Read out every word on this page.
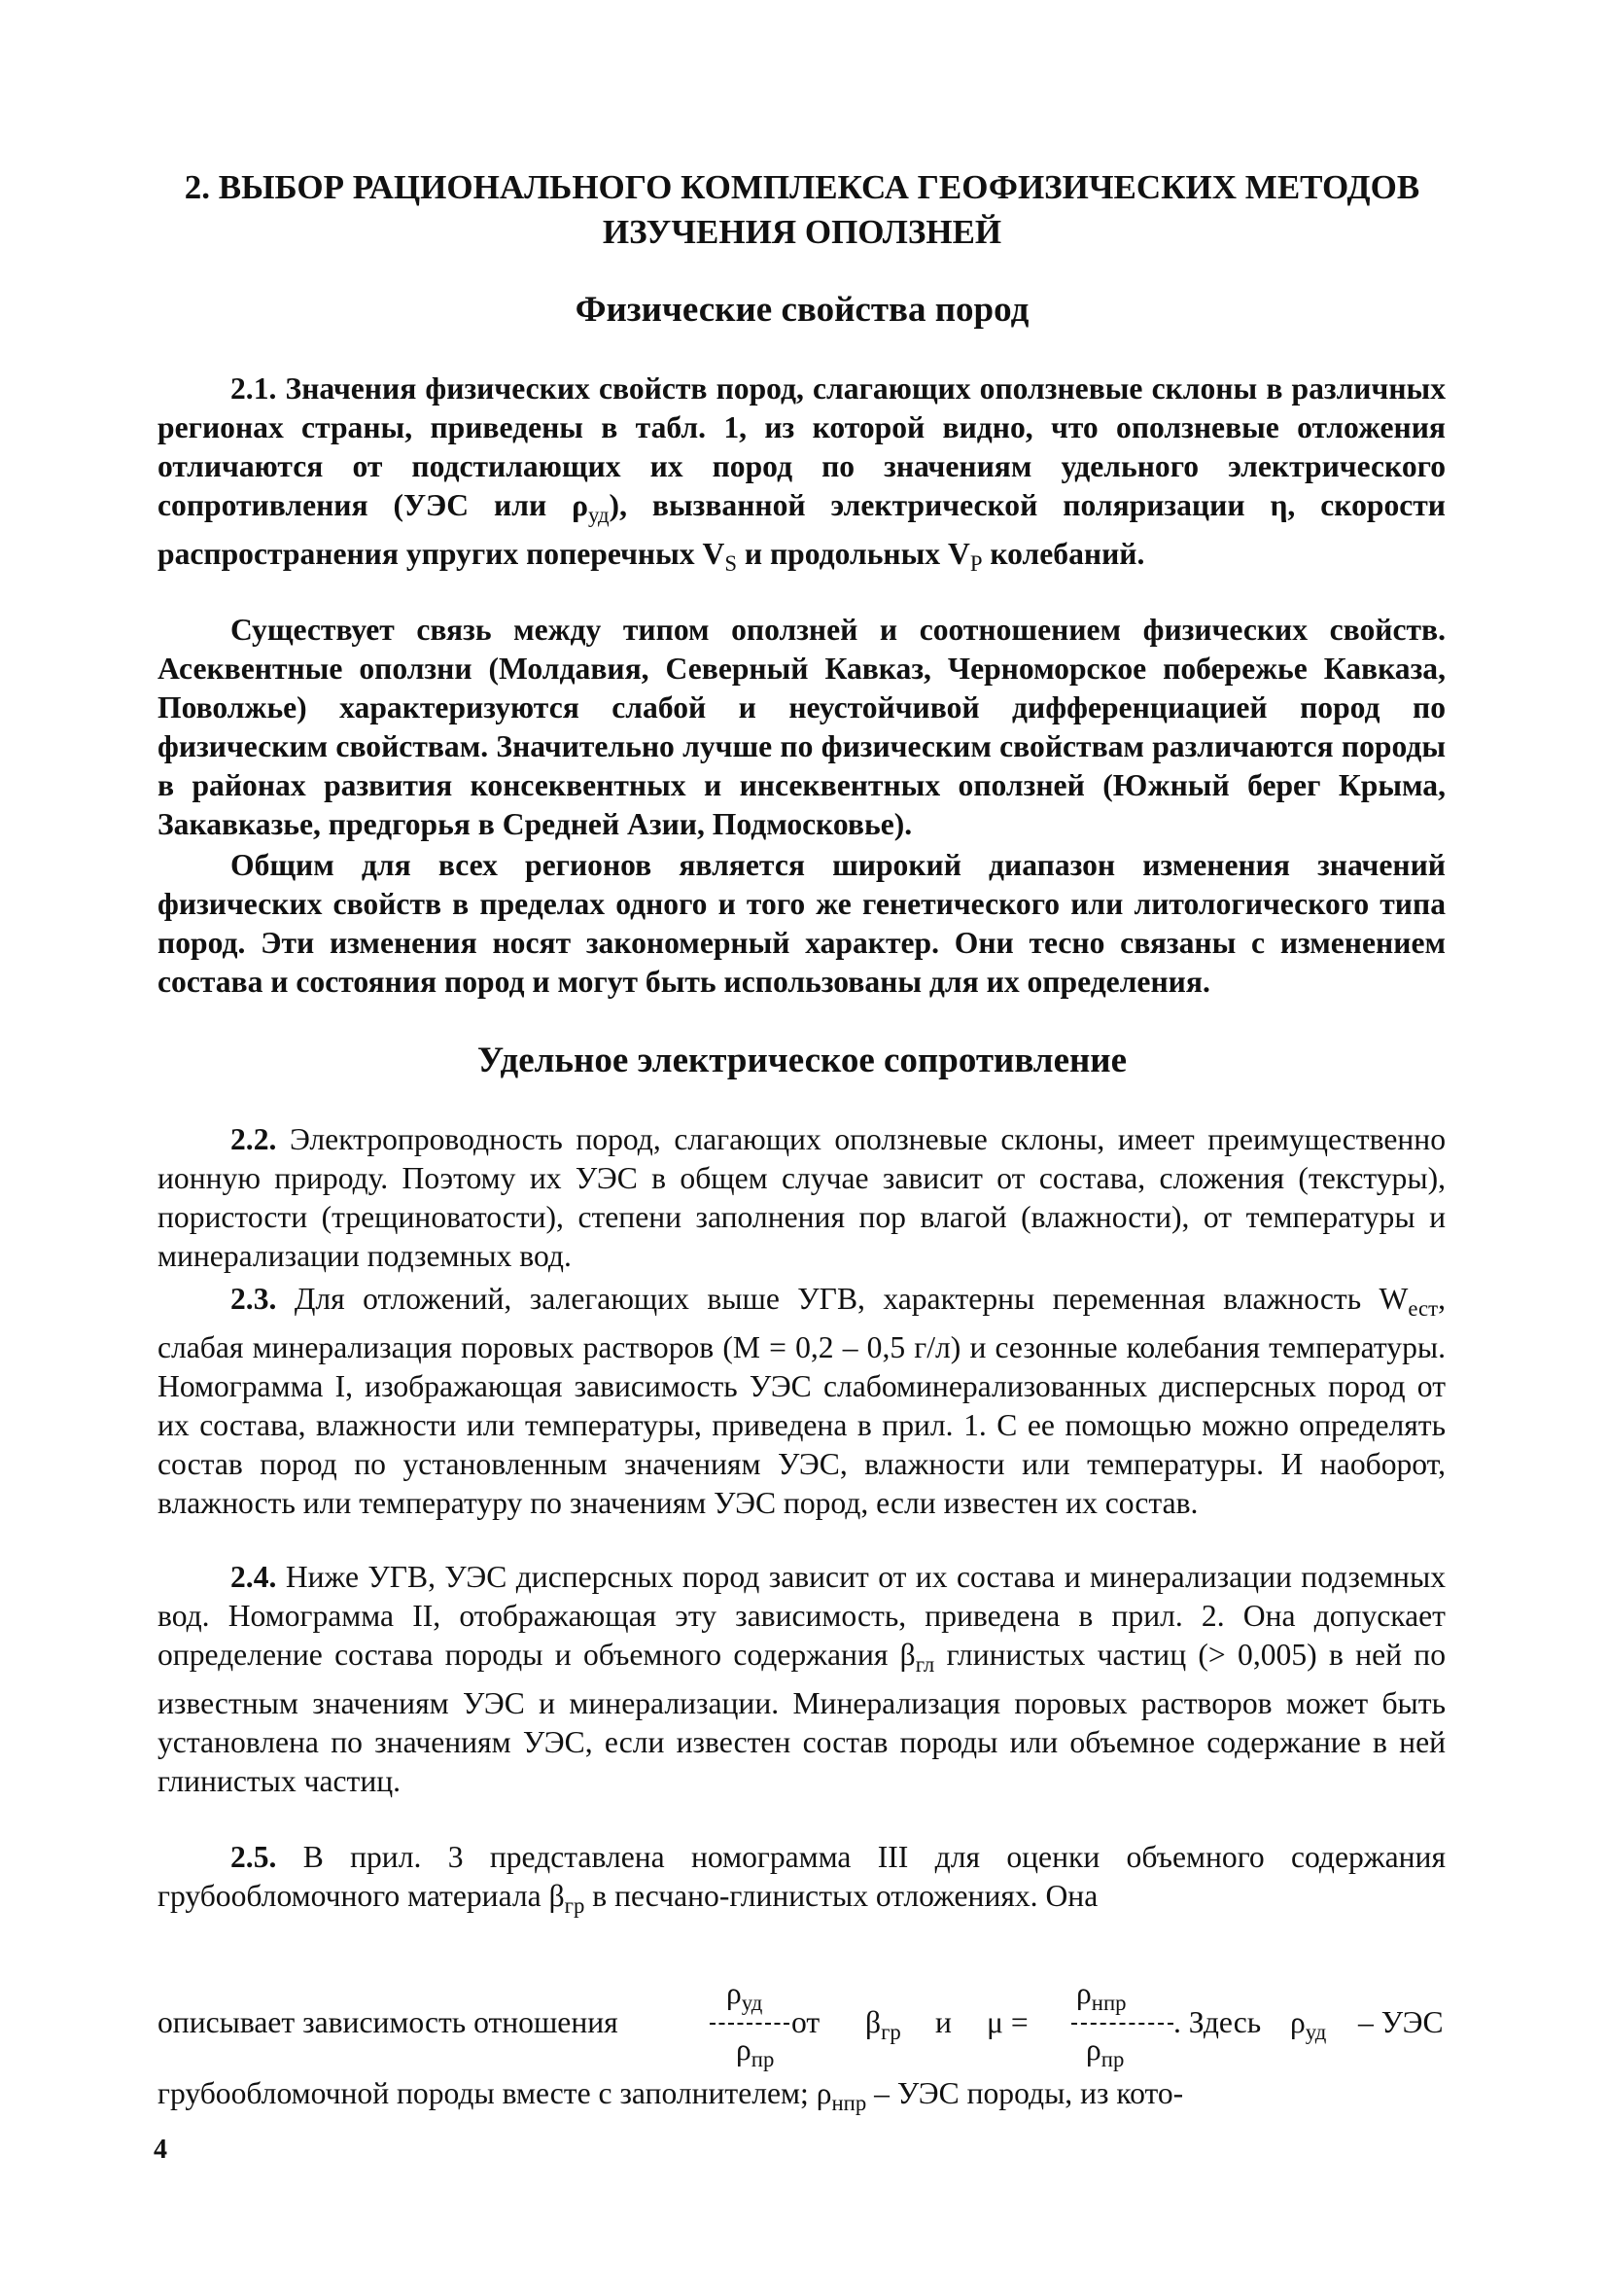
2. ВЫБОР РАЦИОНАЛЬНОГО КОМПЛЕКСА ГЕОФИЗИЧЕСКИХ МЕТОДОВ
ИЗУЧЕНИЯ ОПОЛЗНЕЙ
Физические свойства пород
2.1. Значения физических свойств пород, слагающих оползневые склоны в различных регионах страны, приведены в табл. 1, из которой видно, что оползневые отложения отличаются от подстилающих их пород по значениям удельного электрического сопротивления (УЭС или $\rho_{уд}$), вызванной электрической поляризации η, скорости распространения упругих поперечных $V_S$ и продольных $V_P$ колебаний.
Существует связь между типом оползней и соотношением физических свойств. Асеквентные оползни (Молдавия, Северный Кавказ, Черноморское побережье Кавказа, Поволжье) характеризуются слабой и неустойчивой дифференциацией пород по физическим свойствам. Значительно лучше по физическим свойствам различаются породы в районах развития консеквентных и инсеквентных оползней (Южный берег Крыма, Закавказье, предгорья в Средней Азии, Подмосковье).
Общим для всех регионов является широкий диапазон изменения значений физических свойств в пределах одного и того же генетического или литологического типа пород. Эти изменения носят закономерный характер. Они тесно связаны с изменением состава и состояния пород и могут быть использованы для их определения.
Удельное электрическое сопротивление
2.2. Электропроводность пород, слагающих оползневые склоны, имеет преимущественно ионную природу. Поэтому их УЭС в общем случае зависит от состава, сложения (текстуры), пористости (трещиноватости), степени заполнения пор влагой (влажности), от температуры и минерализации подземных вод.
2.3. Для отложений, залегающих выше УГВ, характерны переменная влажность $W_{ест}$, слабая минерализация поровых растворов (М = 0,2 – 0,5 г/л) и сезонные колебания температуры. Номограмма I, изображающая зависимость УЭС слабоминерализованных дисперсных пород от их состава, влажности или температуры, приведена в прил. 1. С ее помощью можно определять состав пород по установленным значениям УЭС, влажности или температуры. И наоборот, влажность или температуру по значениям УЭС пород, если известен их состав.
2.4. Ниже УГВ, УЭС дисперсных пород зависит от их состава и минерализации подземных вод. Номограмма II, отображающая эту зависимость, приведена в прил. 2. Она допускает определение состава породы и объемного содержания $\beta_{гл}$ глинистых частиц (> 0,005) в ней по известным значениям УЭС и минерализации. Минерализация поровых растворов может быть установлена по значениям УЭС, если известен состав породы или объемное содержание в ней глинистых частиц.
2.5. В прил. 3 представлена номограмма III для оценки объемного содержания грубообломочного материала $\beta_{гр}$ в песчано-глинистых отложениях. Она
описывает зависимость отношения
$\rho_{уд}$
$\rho_{пр}$
от $\beta_{гр}$ и μ =
$\rho_{нпр}$
$\rho_{пр}$
. Здесь $\rho_{уд}$ – УЭС
грубообломочной породы вместе с заполнителем; $\rho_{нпр}$ – УЭС породы, из кото-
4
